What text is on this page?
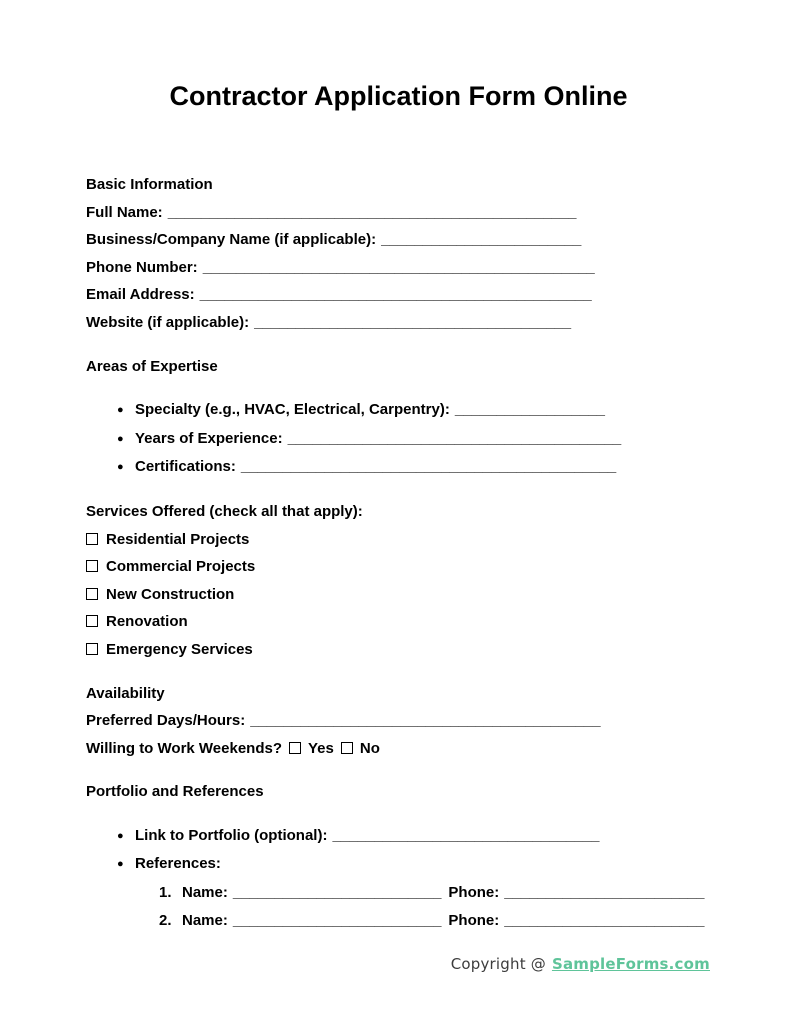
Contractor Application Form Online

Basic Information

Full Name: _________________________________________________

Business/Company Name (if applicable): ________________________

Phone Number: _______________________________________________

Email Address: _______________________________________________

Website (if applicable): ______________________________________

Areas of Expertise

● Specialty (e.g., HVAC, Electrical, Carpentry): __________________

● Years of Experience: ________________________________________

● Certifications: _____________________________________________

Services Offered (check all that apply):

Residential Projects

Commercial Projects

New Construction

Renovation

Emergency Services

Availability

Preferred Days/Hours: __________________________________________

Willing to Work Weekends? Yes No

Portfolio and References

● Link to Portfolio (optional): ________________________________

● References:

1. Name: _________________________ Phone: ________________________

2. Name: _________________________ Phone: ________________________

Copyright @ SampleForms.com
